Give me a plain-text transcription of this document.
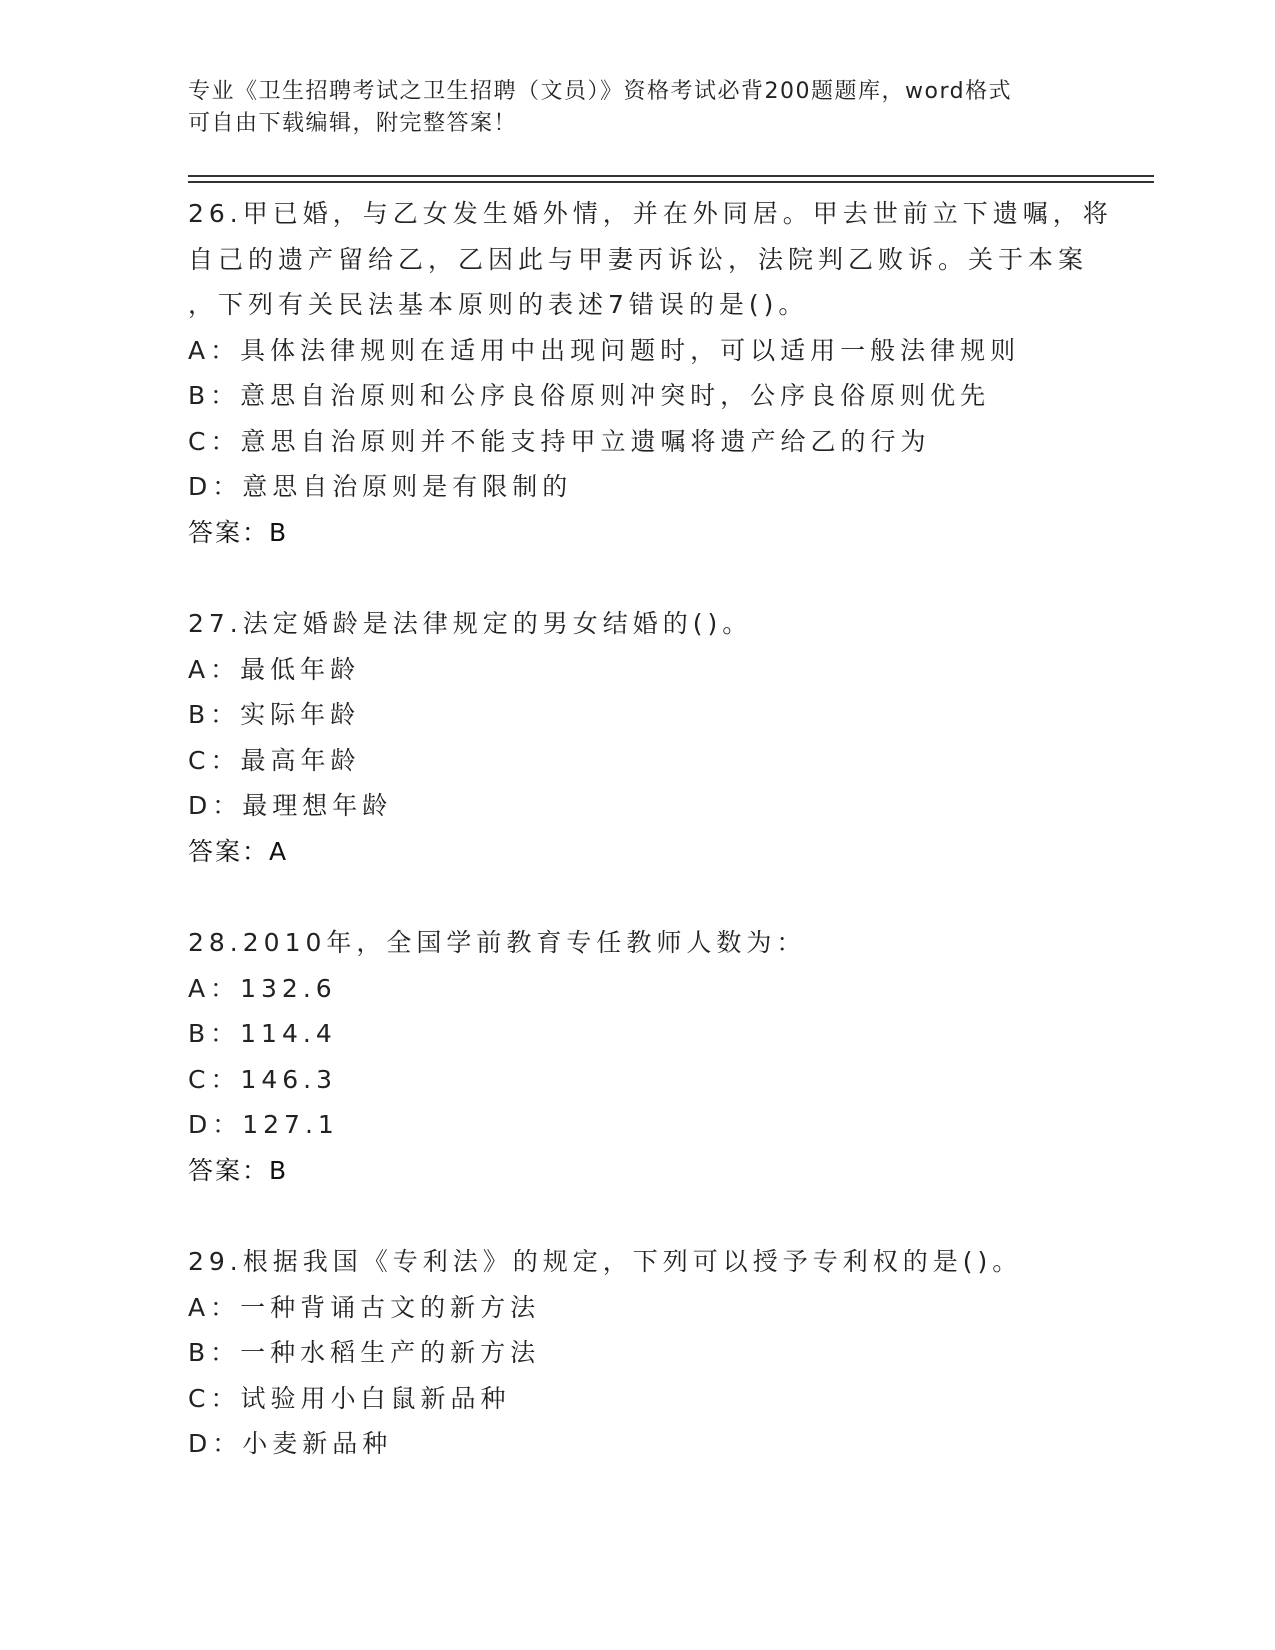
专业《卫生招聘考试之卫生招聘（文员）》资格考试必背200题题库，word格式
可自由下载编辑，附完整答案！
26.甲已婚，与乙女发生婚外情，并在外同居。甲去世前立下遗嘱，将
自己的遗产留给乙，乙因此与甲妻丙诉讼，法院判乙败诉。关于本案
，下列有关民法基本原则的表述7错误的是()。
A：具体法律规则在适用中出现问题时，可以适用一般法律规则
B：意思自治原则和公序良俗原则冲突时，公序良俗原则优先
C：意思自治原则并不能支持甲立遗嘱将遗产给乙的行为
D：意思自治原则是有限制的
答案：B
27.法定婚龄是法律规定的男女结婚的()。
A：最低年龄
B：实际年龄
C：最高年龄
D：最理想年龄
答案：A
28.2010年，全国学前教育专任教师人数为：
A：132.6
B：114.4
C：146.3
D：127.1
答案：B
29.根据我国《专利法》的规定，下列可以授予专利权的是()。
A：一种背诵古文的新方法
B：一种水稻生产的新方法
C：试验用小白鼠新品种
D：小麦新品种
